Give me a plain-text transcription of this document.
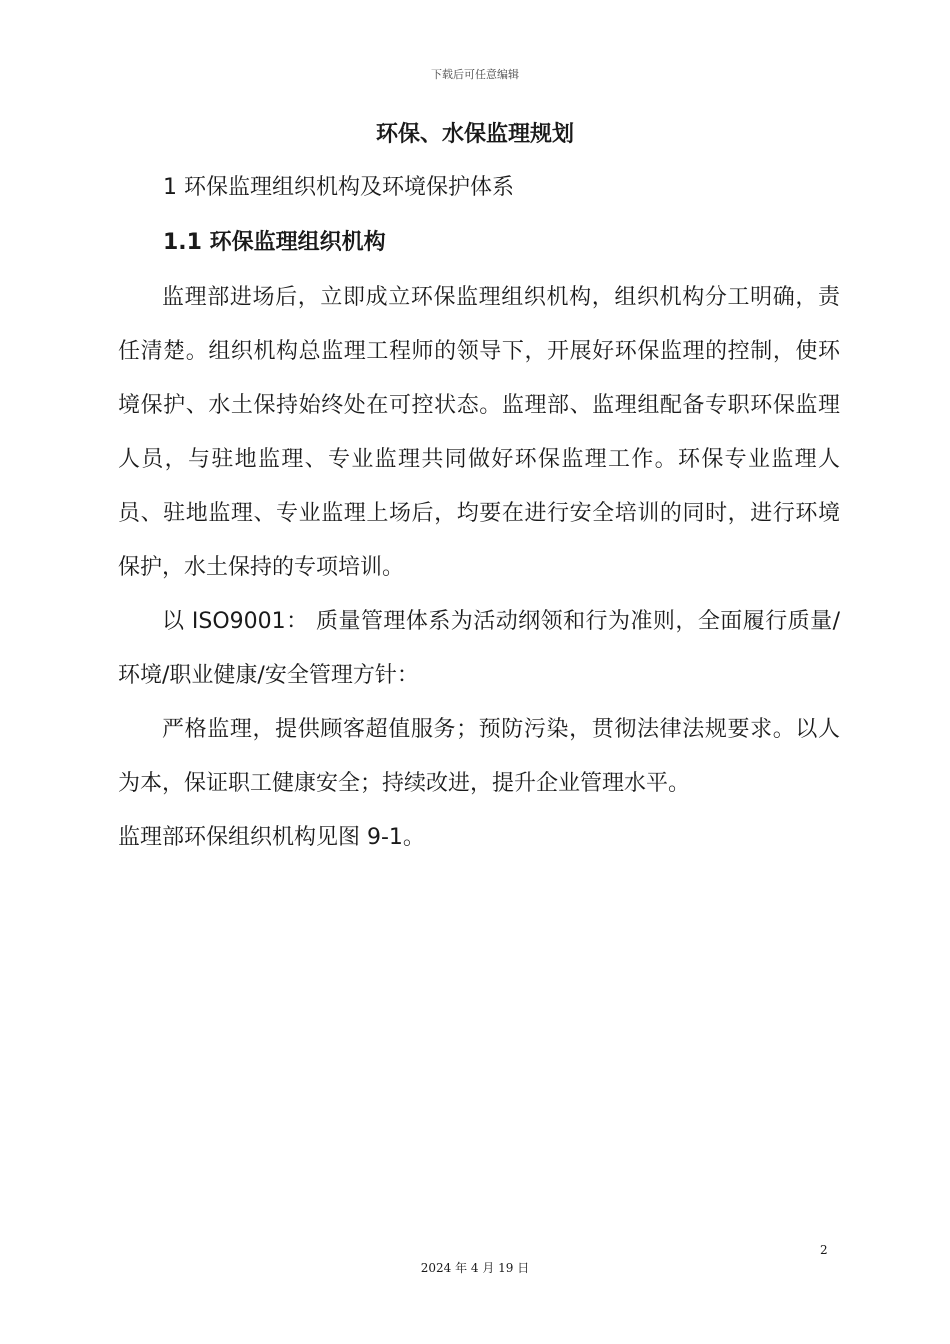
下载后可任意编辑
环保、水保监理规划
1 环保监理组织机构及环境保护体系
1.1 环保监理组织机构

监理部进场后，立即成立环保监理组织机构，组织机构分工明确，责任清楚。组织机构总监理工程师的领导下，开展好环保监理的控制，使环境保护、水土保持始终处在可控状态。监理部、监理组配备专职环保监理人员，与驻地监理、专业监理共同做好环保监理工作。环保专业监理人员、驻地监理、专业监理上场后，均要在进行安全培训的同时，进行环境保护，水土保持的专项培训。

以 ISO9001： 质量管理体系为活动纲领和行为准则，全面履行质量/环境/职业健康/安全管理方针：

严格监理，提供顾客超值服务；预防污染，贯彻法律法规要求。以人为本，保证职工健康安全；持续改进，提升企业管理水平。

监理部环保组织机构见图 9-1。

2
2024 年 4 月 19 日
